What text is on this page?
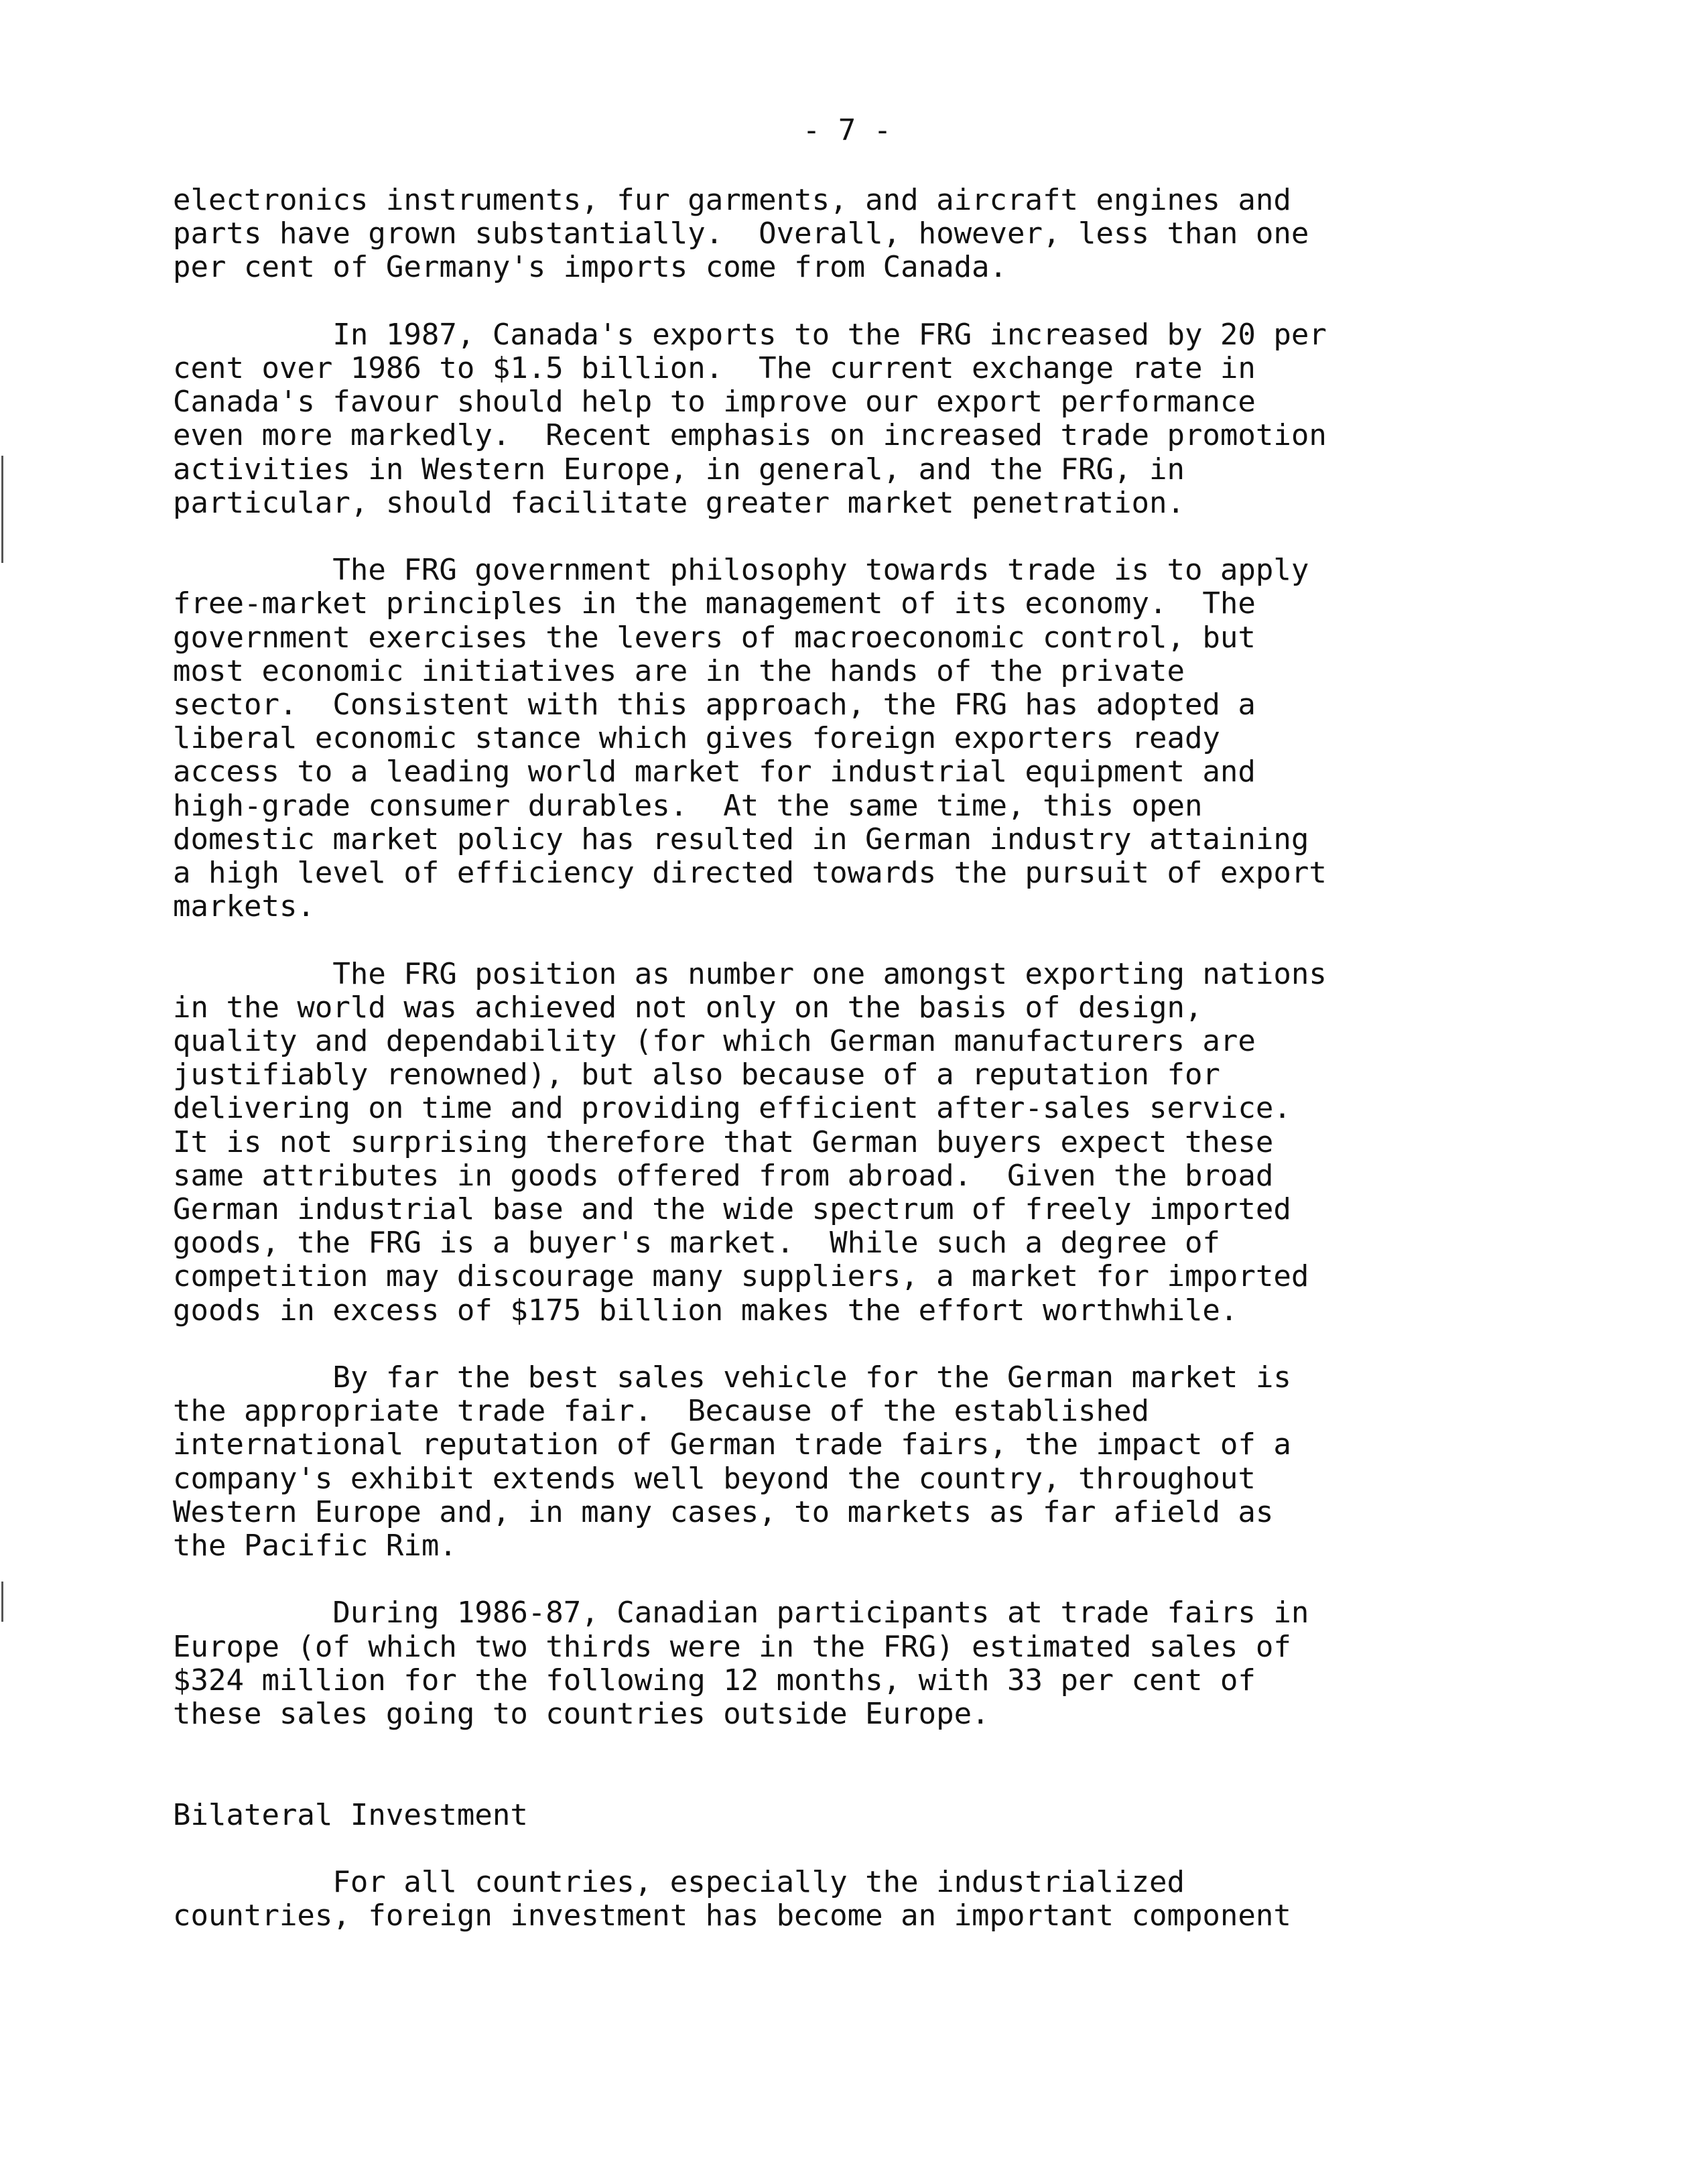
- 7 -

electronics instruments, fur garments, and aircraft engines and
parts have grown substantially.  Overall, however, less than one
per cent of Germany's imports come from Canada.

In 1987, Canada's exports to the FRG increased by 20 per
cent over 1986 to $1.5 billion.  The current exchange rate in
Canada's favour should help to improve our export performance
even more markedly.  Recent emphasis on increased trade promotion
activities in Western Europe, in general, and the FRG, in
particular, should facilitate greater market penetration.

The FRG government philosophy towards trade is to apply
free-market principles in the management of its economy.  The
government exercises the levers of macroeconomic control, but
most economic initiatives are in the hands of the private
sector.  Consistent with this approach, the FRG has adopted a
liberal economic stance which gives foreign exporters ready
access to a leading world market for industrial equipment and
high-grade consumer durables.  At the same time, this open
domestic market policy has resulted in German industry attaining
a high level of efficiency directed towards the pursuit of export
markets.

The FRG position as number one amongst exporting nations
in the world was achieved not only on the basis of design,
quality and dependability (for which German manufacturers are
justifiably renowned), but also because of a reputation for
delivering on time and providing efficient after-sales service.
It is not surprising therefore that German buyers expect these
same attributes in goods offered from abroad.  Given the broad
German industrial base and the wide spectrum of freely imported
goods, the FRG is a buyer's market.  While such a degree of
competition may discourage many suppliers, a market for imported
goods in excess of $175 billion makes the effort worthwhile.

By far the best sales vehicle for the German market is
the appropriate trade fair.  Because of the established
international reputation of German trade fairs, the impact of a
company's exhibit extends well beyond the country, throughout
Western Europe and, in many cases, to markets as far afield as
the Pacific Rim.

During 1986-87, Canadian participants at trade fairs in
Europe (of which two thirds were in the FRG) estimated sales of
$324 million for the following 12 months, with 33 per cent of
these sales going to countries outside Europe.

Bilateral Investment

For all countries, especially the industrialized
countries, foreign investment has become an important component
